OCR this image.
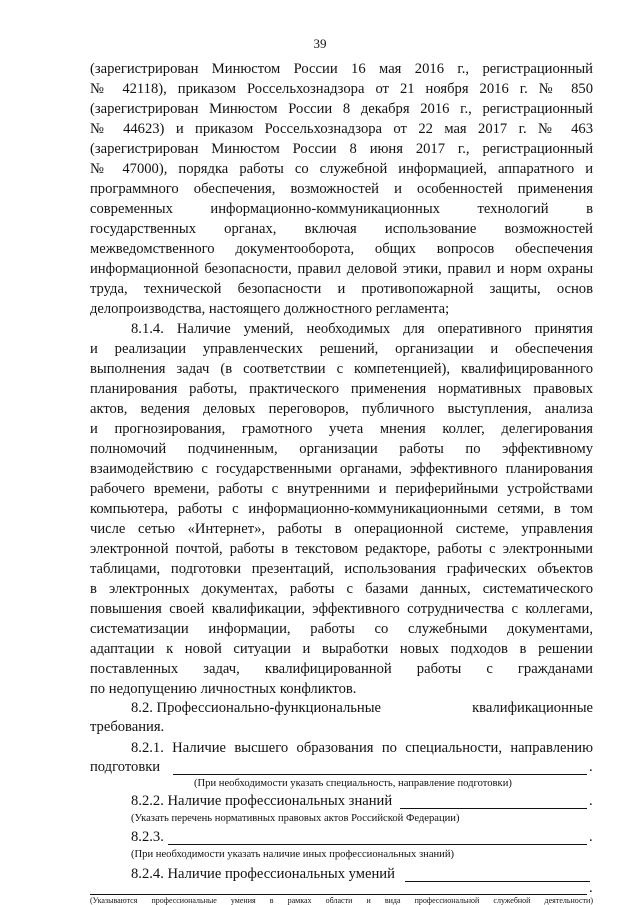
39
(зарегистрирован Минюстом России 16 мая 2016 г., регистрационный
№ 42118), приказом Россельхознадзора от 21 ноября 2016 г. № 850
(зарегистрирован Минюстом России 8 декабря 2016 г., регистрационный
№ 44623) и приказом Россельхознадзора от 22 мая 2017 г. № 463
(зарегистрирован Минюстом России 8 июня 2017 г., регистрационный
№ 47000), порядка работы со служебной информацией, аппаратного и
программного обеспечения, возможностей и особенностей применения
современных информационно-коммуникационных технологий в
государственных органах, включая использование возможностей
межведомственного документооборота, общих вопросов обеспечения
информационной безопасности, правил деловой этики, правил и норм охраны
труда, технической безопасности и противопожарной защиты, основ
делопроизводства, настоящего должностного регламента;
8.1.4. Наличие умений, необходимых для оперативного принятия
и реализации управленческих решений, организации и обеспечения
выполнения задач (в соответствии с компетенцией), квалифицированного
планирования работы, практического применения нормативных правовых
актов, ведения деловых переговоров, публичного выступления, анализа
и прогнозирования, грамотного учета мнения коллег, делегирования
полномочий подчиненным, организации работы по эффективному
взаимодействию с государственными органами, эффективного планирования
рабочего времени, работы с внутренними и периферийными устройствами
компьютера, работы с информационно-коммуникационными сетями, в том
числе сетью «Интернет», работы в операционной системе, управления
электронной почтой, работы в текстовом редакторе, работы с электронными
таблицами, подготовки презентаций, использования графических объектов
в электронных документах, работы с базами данных, систематического
повышения своей квалификации, эффективного сотрудничества с коллегами,
систематизации информации, работы со служебными документами,
адаптации к новой ситуации и выработки новых подходов в решении
поставленных задач, квалифицированной работы с гражданами
по недопущению личностных конфликтов.
8.2. Профессионально-функциональные	квалификационные
требования.
8.2.1. Наличие высшего образования по специальности, направлению
подготовки	.
(При необходимости указать специальность, направление подготовки)
8.2.2. Наличие профессиональных знаний	.
(Указать перечень нормативных правовых актов Российской Федерации)
8.2.3.	.
(При необходимости указать наличие иных профессиональных знаний)
8.2.4. Наличие профессиональных умений
.
(Указываются профессиональные умения в рамках области и вида профессиональной служебной деятельности)
